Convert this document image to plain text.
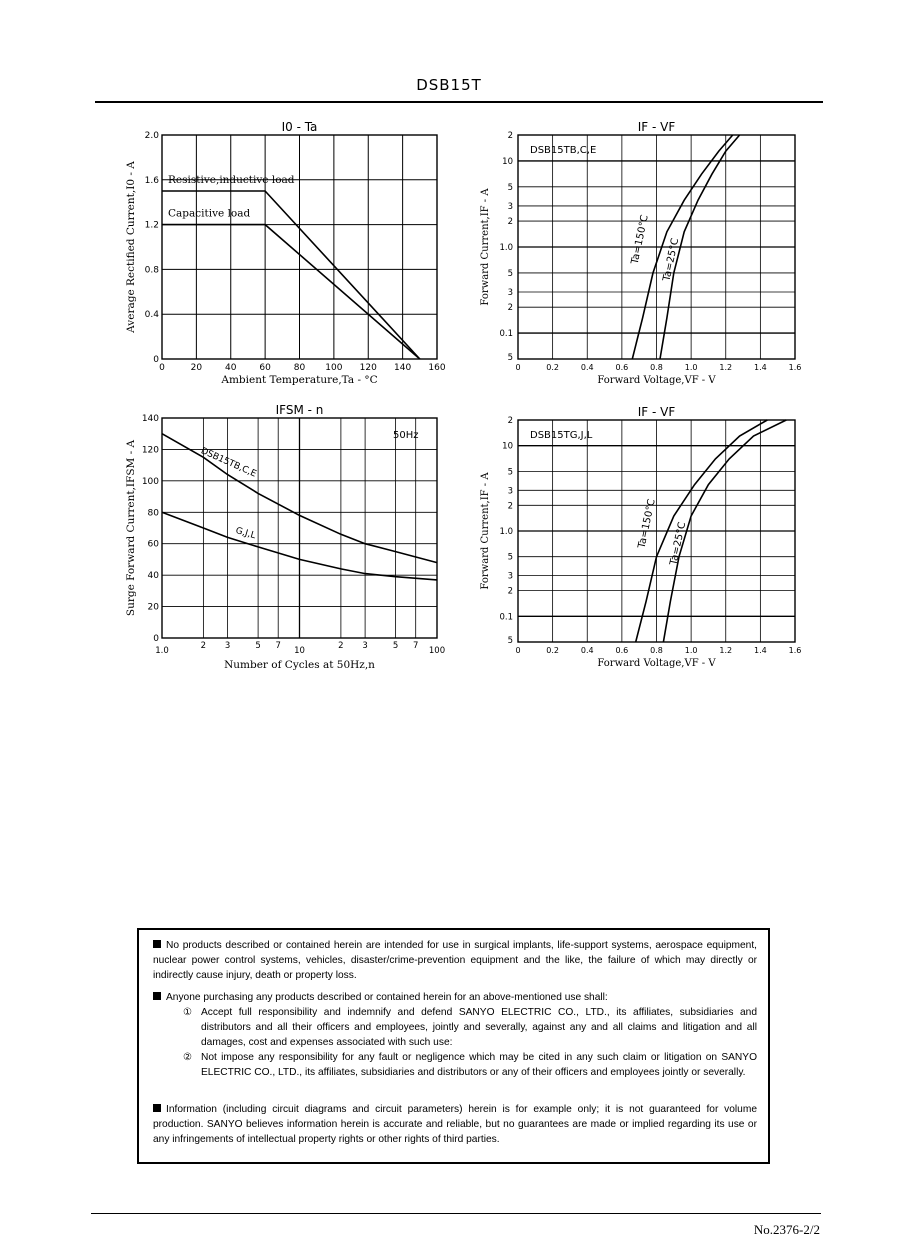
DSB15T
I0 - Ta
0	20	40	60	80 100 120 140 160
0
0.4
0.8
1.2
1.6
2.0
Ambient Temperature,Ta - °C
Average Rectified Current,I0 - A	Resistive,inductive load
Capacitive load
IF - VF
DSB15TB,C,E
0	0.2	0.4	0.6	0.8	1.0	1.2	1.4	1.6
2
10
5
3
2
1.0
5
3
2
0.1
5
Forward Voltage,VF - V
Forward Current,IF - A	Ta=150°C Ta=25°C
IF - VF
DSB15TG,J,L
0	0.2	0.4	0.6	0.8	1.0	1.2	1.4	1.6
2
10
5
3
2
1.0
5
3
2
0.1
5
Forward Voltage,VF - V
Forward Current,IF - A	Ta=150°C Ta=25°C
IFSM - n
50Hz
1.0	2 3	5 7 10	2 3	5 7 100
0
20
40
60
80
100
120
140
Number of Cycles at 50Hz,n
Surge Forward Current,IFSM - A	DSB15TB,C,E
G,J,L
No products described or contained herein are intended for use in surgical implants, life-support systems, aerospace equipment, nuclear power control systems, vehicles, disaster/crime-prevention equipment and the like, the failure of which may directly or indirectly cause injury, death or property loss.
Anyone purchasing any products described or contained herein for an above-mentioned use shall:
① Accept full responsibility and indemnify and defend SANYO ELECTRIC CO., LTD., its affiliates, subsidiaries and distributors and all their officers and employees, jointly and severally, against any and all claims and litigation and all damages, cost and expenses associated with such use:
② Not impose any responsibility for any fault or negligence which may be cited in any such claim or litigation on SANYO ELECTRIC CO., LTD., its affiliates, subsidiaries and distributors or any of their officers and employees jointly or severally.
Information (including circuit diagrams and circuit parameters) herein is for example only; it is not guaranteed for volume production. SANYO believes information herein is accurate and reliable, but no guarantees are made or implied regarding its use or any infringements of intellectual property rights or other rights of third parties.
No.2376-2/2
